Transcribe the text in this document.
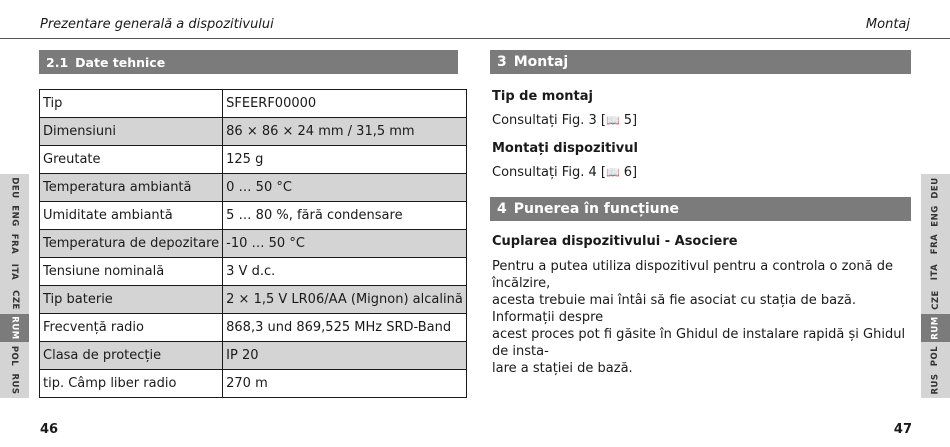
Prezentare generală a dispozitivului	Montaj
2.1 Date tehnice
Tip	SFEERF00000
Dimensiuni	86 × 86 × 24 mm / 31,5 mm
Greutate	125 g
Temperatura ambiantă	0 … 50 °C
Umiditate ambiantă	5 … 80 %, fără condensare
Temperatura de depozitare	-10 … 50 °C
Tensiune nominală	3 V d.c.
Tip baterie	2 × 1,5 V LR06/AA (Mignon) alcalină
Frecvență radio	868,3 und 869,525 MHz SRD-Band
Clasa de protecție	IP 20
tip. Câmp liber radio	270 m
3 Montaj
Tip de montaj
Consultați Fig. 3 [📖 5]
Montați dispozitivul
Consultați Fig. 4 [📖 6]
4 Punerea în funcțiune
Cuplarea dispozitivului - Asociere
Pentru a putea utiliza dispozitivul pentru a controla o zonă de încălzire,
acesta trebuie mai întâi să fie asociat cu stația de bază. Informații despre
acest proces pot fi găsite în Ghidul de instalare rapidă și Ghidul de insta-
lare a stației de bază.
DEU
ENG
FRA
ITA
CZE
RUM
POL
RUS
DEU
ENG
FRA
ITA
CZE
RUM
POL
RUS
46	47
